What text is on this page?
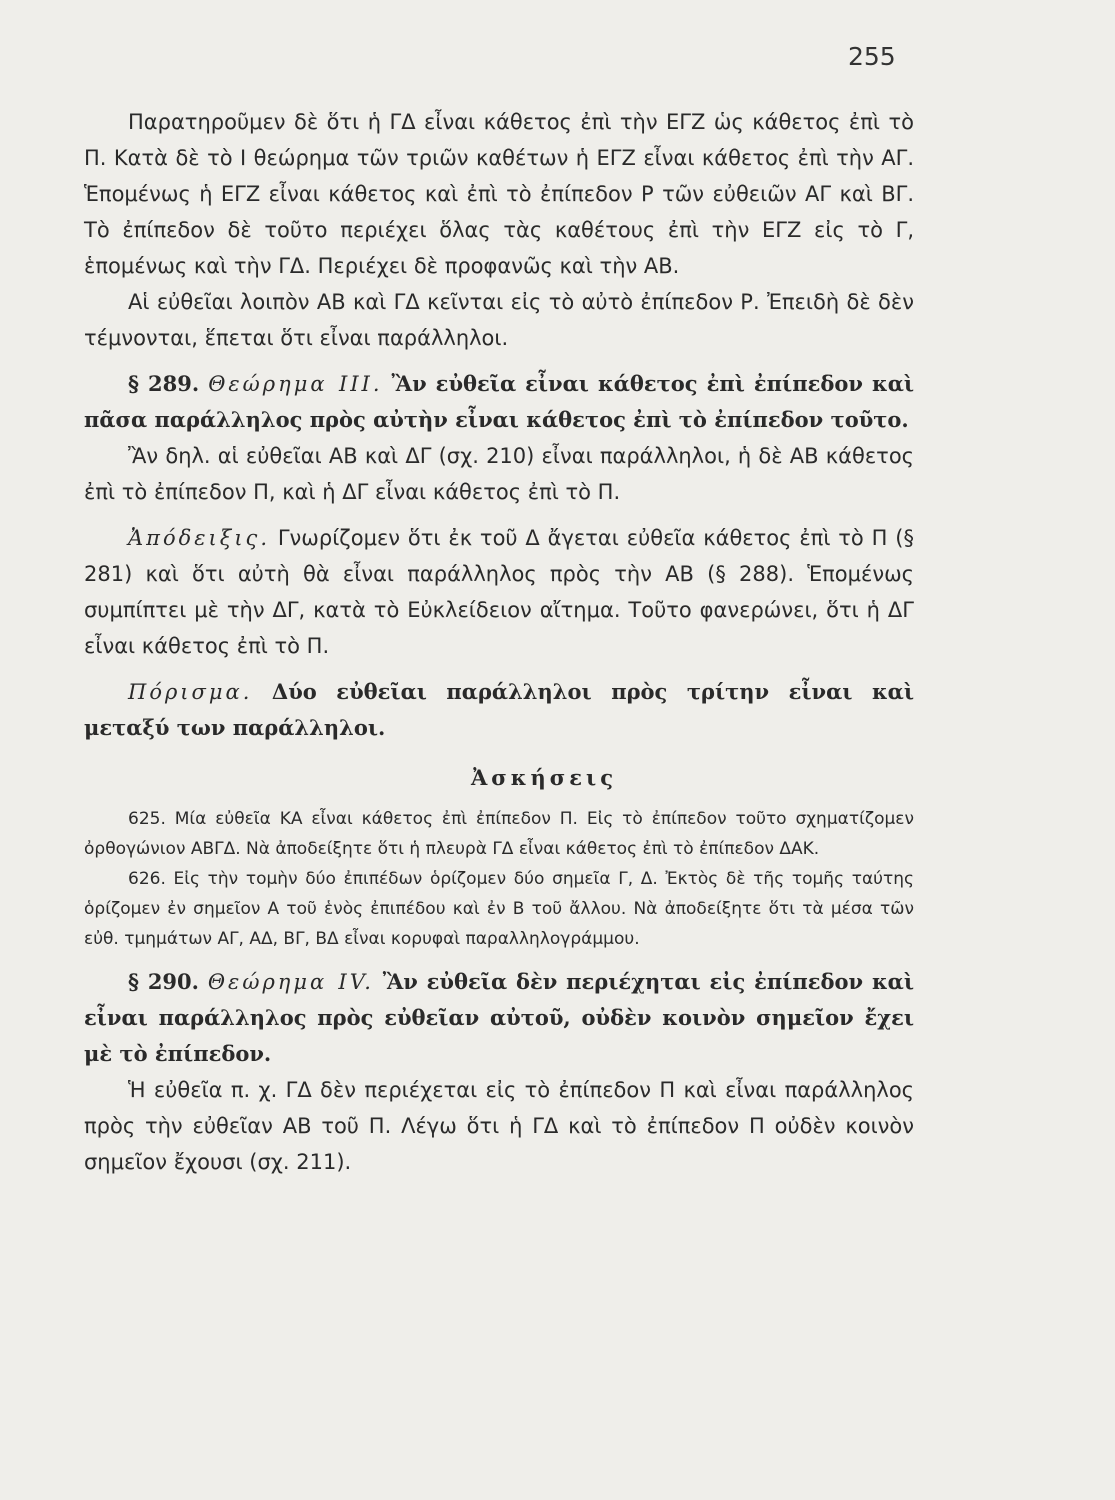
255

Παρατηροῦμεν δὲ ὅτι ἡ ΓΔ εἶναι κάθετος ἐπὶ τὴν ΕΓΖ ὡς κάθετος ἐπὶ τὸ Π. Κατὰ δὲ τὸ Ι θεώρημα τῶν τριῶν καθέτων ἡ ΕΓΖ εἶναι κάθετος ἐπὶ τὴν ΑΓ. Ἑπομένως ἡ ΕΓΖ εἶναι κάθετος καὶ ἐπὶ τὸ ἐπίπεδον Ρ τῶν εὐθειῶν ΑΓ καὶ ΒΓ. Τὸ ἐπίπεδον δὲ τοῦτο περιέχει ὅλας τὰς καθέτους ἐπὶ τὴν ΕΓΖ εἰς τὸ Γ, ἑπομένως καὶ τὴν ΓΔ. Περιέχει δὲ προφανῶς καὶ τὴν ΑΒ.

Αἱ εὐθεῖαι λοιπὸν ΑΒ καὶ ΓΔ κεῖνται εἰς τὸ αὐτὸ ἐπίπεδον Ρ. Ἐπειδὴ δὲ δὲν τέμνονται, ἕπεται ὅτι εἶναι παράλληλοι.

§ 289. Θεώρημα ΙΙΙ. Ἂν εὐθεῖα εἶναι κάθετος ἐπὶ ἐπίπεδον καὶ πᾶσα παράλληλος πρὸς αὐτὴν εἶναι κάθετος ἐπὶ τὸ ἐπίπεδον τοῦτο.

Ἂν δηλ. αἱ εὐθεῖαι ΑΒ καὶ ΔΓ (σχ. 210) εἶναι παράλληλοι, ἡ δὲ ΑΒ κάθετος ἐπὶ τὸ ἐπίπεδον Π, καὶ ἡ ΔΓ εἶναι κάθετος ἐπὶ τὸ Π.

Ἀπόδειξις. Γνωρίζομεν ὅτι ἐκ τοῦ Δ ἄγεται εὐθεῖα κάθετος ἐπὶ τὸ Π (§ 281) καὶ ὅτι αὐτὴ θὰ εἶναι παράλληλος πρὸς τὴν ΑΒ (§ 288). Ἑπομένως συμπίπτει μὲ τὴν ΔΓ, κατὰ τὸ Εὐκλείδειον αἴτημα. Τοῦτο φανερώνει, ὅτι ἡ ΔΓ εἶναι κάθετος ἐπὶ τὸ Π.

Πόρισμα. Δύο εὐθεῖαι παράλληλοι πρὸς τρίτην εἶναι καὶ μεταξύ των παράλληλοι.

Ἀσκήσεις

625. Μία εὐθεῖα ΚΑ εἶναι κάθετος ἐπὶ ἐπίπεδον Π. Εἰς τὸ ἐπίπεδον τοῦτο σχηματίζομεν ὀρθογώνιον ΑΒΓΔ. Νὰ ἀποδείξητε ὅτι ἡ πλευρὰ ΓΔ εἶναι κάθετος ἐπὶ τὸ ἐπίπεδον ΔΑΚ.

626. Εἰς τὴν τομὴν δύο ἐπιπέδων ὁρίζομεν δύο σημεῖα Γ, Δ. Ἐκτὸς δὲ τῆς τομῆς ταύτης ὁρίζομεν ἐν σημεῖον Α τοῦ ἑνὸς ἐπιπέδου καὶ ἐν Β τοῦ ἄλλου. Νὰ ἀποδείξητε ὅτι τὰ μέσα τῶν εὐθ. τμημάτων ΑΓ, ΑΔ, ΒΓ, ΒΔ εἶναι κορυφαὶ παραλληλογράμμου.

§ 290. Θεώρημα IV. Ἂν εὐθεῖα δὲν περιέχηται εἰς ἐπίπεδον καὶ εἶναι παράλληλος πρὸς εὐθεῖαν αὐτοῦ, οὐδὲν κοινὸν σημεῖον ἔχει μὲ τὸ ἐπίπεδον.

Ἡ εὐθεῖα π. χ. ΓΔ δὲν περιέχεται εἰς τὸ ἐπίπεδον Π καὶ εἶναι παράλληλος πρὸς τὴν εὐθεῖαν ΑΒ τοῦ Π. Λέγω ὅτι ἡ ΓΔ καὶ τὸ ἐπίπεδον Π οὐδὲν κοινὸν σημεῖον ἔχουσι (σχ. 211).
